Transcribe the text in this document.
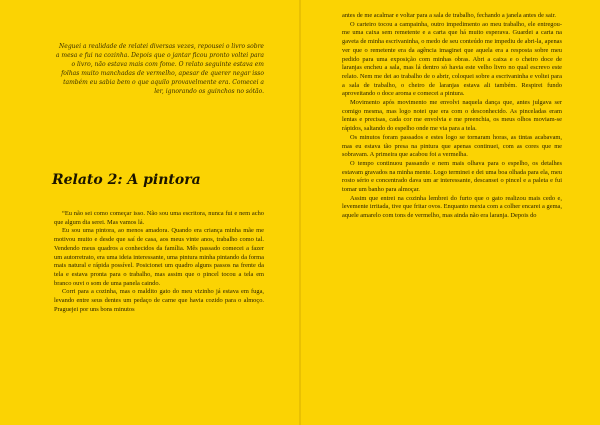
Neguei a realidade de relatei diversas vezes, repousei o livro sobre a mesa e fui na cozinha. Depois que o jantar ficou pronto voltei para o livro, não estava mais com fome. O relato seguinte estava em folhas muito manchadas de vermelho, apesar de querer negar isso também eu sabia bem o que aquilo provavelmente era. Comecei a ler, ignorando os guinchos no sótão.

Relato 2: A pintora

“Eu não sei como começar isso. Não sou uma escritora, nunca fui e nem acho que algum dia serei. Mas vamos lá.

Eu sou uma pintora, ao menos amadora. Quando era criança minha mãe me motivou muito e desde que saí de casa, aos meus vinte anos, trabalho como tal. Vendendo meus quadros a conhecidos da família. Mês passado comecei a fazer um autorretrato, era uma ideia interessante, uma pintura minha pintando da forma mais natural e rápida possível. Posicionei um quadro alguns passos na frente da tela e estava pronta para o trabalho, mas assim que o pincel tocou a tela em branco ouvi o som de uma panela caindo.

Corri para a cozinha, mas o maldito gato do meu vizinho já estava em fuga, levando entre seus dentes um pedaço de carne que havia cozido para o almoço. Praguejei por uns bons minutos

antes de me acalmar e voltar para a sala de trabalho, fechando a janela antes de sair.

O carteiro tocou a campainha, outro impedimento ao meu trabalho, ele entregou-me uma caixa sem remetente e a carta que há muito esperava. Guardei a carta na gaveta de minha escrivaninha, o medo de seu conteúdo me impediu de abri-la, apenas ver que o remetente era da agência imaginei que aquela era a resposta sobre meu pedido para uma exposição com minhas obras. Abri a caixa e o cheiro doce de laranjas encheu a sala, mas lá dentro só havia este velho livro no qual escrevo este relato. Nem me dei ao trabalho de o abrir, coloquei sobre a escrivaninha e voltei para a sala de trabalho, o cheiro de laranjas estava ali também. Respirei fundo aproveitando o doce aroma e comecei a pintura.

Movimento após movimento me envolvi naquela dança que, antes julgava ser comigo mesma, mas logo notei que era com o desconhecido. As pinceladas eram lentas e precisas, cada cor me envolvia e me preenchia, os meus olhos moviam-se rápidos, saltando do espelho onde me via para a tela.

Os minutos foram passados e estes logo se tornaram horas, as tintas acabavam, mas eu estava tão presa na pintura que apenas continuei, com as cores que me sobravam. A primeira que acabou foi a vermelha.

O tempo continuou passando e nem mais olhava para o espelho, os detalhes estavam gravados na minha mente. Logo terminei e dei uma boa olhada para ela, meu rosto sério e concentrado dava um ar interessante, descansei o pincel e a paleta e fui tomar um banho para almoçar.

Assim que entrei na cozinha lembrei do furto que o gato realizou mais cedo e, levemente irritada, tive que fritar ovos. Enquanto mexia com a colher encarei a gema, aquele amarelo com tons de vermelho, mas ainda não era laranja. Depois do
